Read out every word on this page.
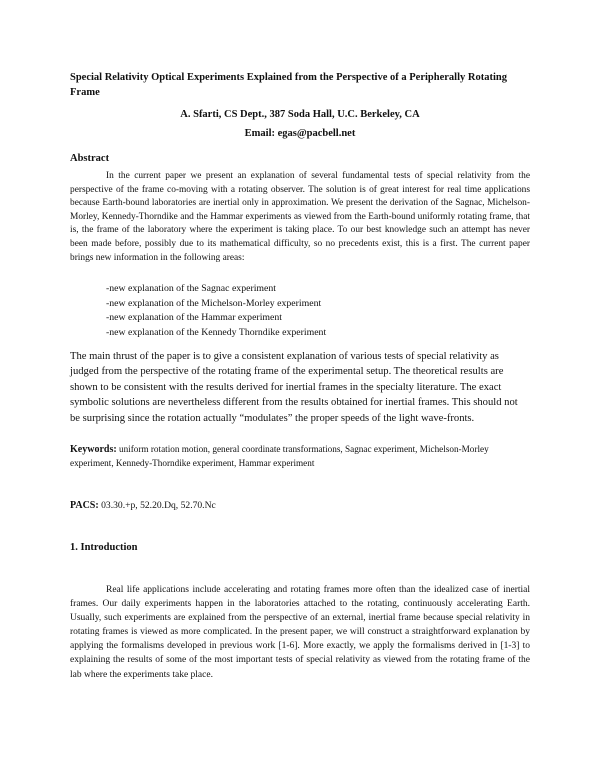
Special Relativity Optical Experiments Explained from the Perspective of a Peripherally Rotating Frame

A. Sfarti, CS Dept., 387 Soda Hall, U.C. Berkeley, CA

Email: egas@pacbell.net

Abstract

In the current paper we present an explanation of several fundamental tests of special relativity from the perspective of the frame co-moving with a rotating observer. The solution is of great interest for real time applications because Earth-bound laboratories are inertial only in approximation. We present the derivation of the Sagnac, Michelson-Morley, Kennedy-Thorndike and the Hammar experiments as viewed from the Earth-bound uniformly rotating frame, that is, the frame of the laboratory where the experiment is taking place. To our best knowledge such an attempt has never been made before, possibly due to its mathematical difficulty, so no precedents exist, this is a first. The current paper brings new information in the following areas:

-new explanation of the Sagnac experiment
-new explanation of the Michelson-Morley experiment
-new explanation of the Hammar experiment
-new explanation of the Kennedy Thorndike experiment

The main thrust of the paper is to give a consistent explanation of various tests of special relativity as judged from the perspective of the rotating frame of the experimental setup. The theoretical results are shown to be consistent with the results derived for inertial frames in the specialty literature. The exact symbolic solutions are nevertheless different from the results obtained for inertial frames. This should not be surprising since the rotation actually “modulates” the proper speeds of the light wave-fronts.

Keywords: uniform rotation motion, general coordinate transformations, Sagnac experiment, Michelson-Morley experiment, Kennedy-Thorndike experiment, Hammar experiment

PACS: 03.30.+p, 52.20.Dq, 52.70.Nc

1. Introduction

Real life applications include accelerating and rotating frames more often than the idealized case of inertial frames. Our daily experiments happen in the laboratories attached to the rotating, continuously accelerating Earth. Usually, such experiments are explained from the perspective of an external, inertial frame because special relativity in rotating frames is viewed as more complicated. In the present paper, we will construct a straightforward explanation by applying the formalisms developed in previous work [1-6]. More exactly, we apply the formalisms derived in [1-3] to explaining the results of some of the most important tests of special relativity as viewed from the rotating frame of the lab where the experiments take place.
